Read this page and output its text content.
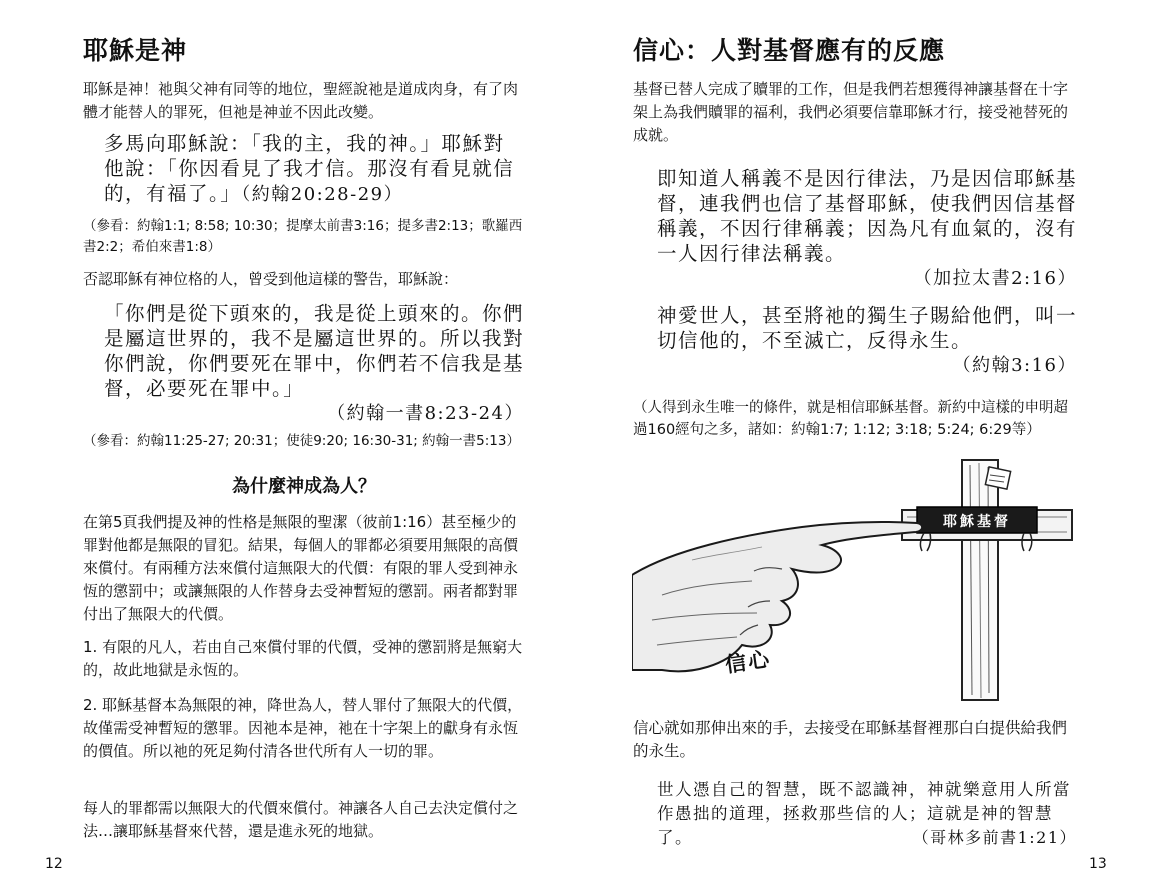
耶穌是神

耶穌是神！祂與父神有同等的地位，聖經說祂是道成肉身，有了肉體才能替人的罪死，但祂是神並不因此改變。

多馬向耶穌說：「我的主，我的神。」耶穌對他說：「你因看見了我才信。那沒有看見就信的，有福了。」（約翰20:28-29）

（參看：約翰1:1; 8:58; 10:30；提摩太前書3:16；提多書2:13；歌羅西書2:2；希伯來書1:8）

否認耶穌有神位格的人，曾受到他這樣的警告，耶穌說：

「你們是從下頭來的，我是從上頭來的。你們是屬這世界的，我不是屬這世界的。所以我對你們說，你們要死在罪中，你們若不信我是基督，必要死在罪中。」
（約翰一書8:23-24）

（參看：約翰11:25-27; 20:31；使徒9:20; 16:30-31; 約翰一書5:13）

為什麼神成為人？

在第5頁我們提及神的性格是無限的聖潔（彼前1:16）甚至極少的罪對他都是無限的冒犯。結果，每個人的罪都必須要用無限的高價來償付。有兩種方法來償付這無限大的代價：有限的罪人受到神永恆的懲罰中；或讓無限的人作替身去受神暫短的懲罰。兩者都對罪付出了無限大的代價。

1. 有限的凡人，若由自己來償付罪的代價，受神的懲罰將是無窮大的，故此地獄是永恆的。

2. 耶穌基督本為無限的神，降世為人，替人罪付了無限大的代價，故僅需受神暫短的懲罪。因祂本是神，祂在十字架上的獻身有永恆的價值。所以祂的死足夠付清各世代所有人一切的罪。

每人的罪都需以無限大的代價來償付。神讓各人自己去決定償付之法…讓耶穌基督來代替，還是進永死的地獄。

12
信心：人對基督應有的反應

基督已替人完成了贖罪的工作，但是我們若想獲得神讓基督在十字架上為我們贖罪的福利，我們必須要信靠耶穌才行，接受祂替死的成就。

即知道人稱義不是因行律法，乃是因信耶穌基督，連我們也信了基督耶穌，使我們因信基督稱義，不因行律稱義；因為凡有血氣的，沒有一人因行律法稱義。
（加拉太書2:16）
神愛世人，甚至將祂的獨生子賜給他們，叫一切信他的，不至滅亡，反得永生。
（約翰3:16）

（人得到永生唯一的條件，就是相信耶穌基督。新約中這樣的申明超過160經句之多，諸如：約翰1:7; 1:12; 3:18; 5:24; 6:29等）

耶穌基督
信心

信心就如那伸出來的手，去接受在耶穌基督裡那白白提供給我們的永生。

世人憑自己的智慧，既不認識神，神就樂意用人所當作愚拙的道理，拯救那些信的人；這就是神的智慧了。	（哥林多前書1:21）
13
